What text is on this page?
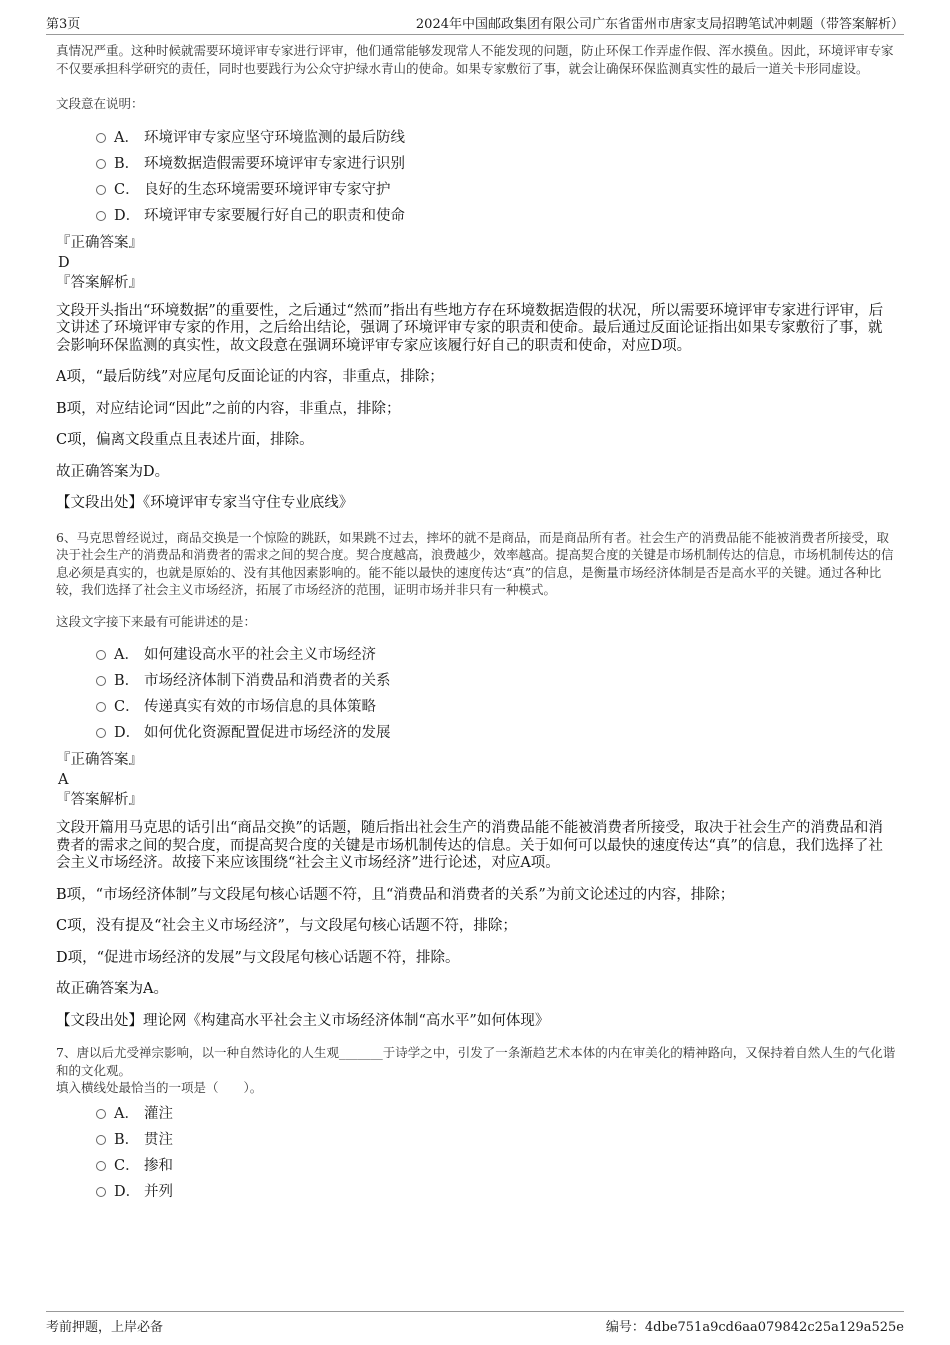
第3页	2024年中国邮政集团有限公司广东省雷州市唐家支局招聘笔试冲刺题（带答案解析）
真情况严重。这种时候就需要环境评审专家进行评审，他们通常能够发现常人不能发现的问题，防止环保工作弄虚作假、浑水摸鱼。因此，环境评审专家不仅要承担科学研究的责任，同时也要践行为公众守护绿水青山的使命。如果专家敷衍了事，就会让确保环保监测真实性的最后一道关卡形同虚设。
文段意在说明：
A． 环境评审专家应坚守环境监测的最后防线
B． 环境数据造假需要环境评审专家进行识别
C． 良好的生态环境需要环境评审专家守护
D． 环境评审专家要履行好自己的职责和使命
『正确答案』
D
『答案解析』
文段开头指出“环境数据”的重要性，之后通过“然而”指出有些地方存在环境数据造假的状况，所以需要环境评审专家进行评审，后文讲述了环境评审专家的作用，之后给出结论，强调了环境评审专家的职责和使命。最后通过反面论证指出如果专家敷衍了事，就会影响环保监测的真实性，故文段意在强调环境评审专家应该履行好自己的职责和使命，对应D项。
A项，“最后防线”对应尾句反面论证的内容，非重点，排除；
B项，对应结论词“因此”之前的内容，非重点，排除；
C项，偏离文段重点且表述片面，排除。
故正确答案为D。
【文段出处】《环境评审专家当守住专业底线》
6、马克思曾经说过，商品交换是一个惊险的跳跃，如果跳不过去，摔坏的就不是商品，而是商品所有者。社会生产的消费品能不能被消费者所接受，取决于社会生产的消费品和消费者的需求之间的契合度。契合度越高，浪费越少，效率越高。提高契合度的关键是市场机制传达的信息，市场机制传达的信息必须是真实的，也就是原始的、没有其他因素影响的。能不能以最快的速度传达“真”的信息，是衡量市场经济体制是否是高水平的关键。通过各种比较，我们选择了社会主义市场经济，拓展了市场经济的范围，证明市场并非只有一种模式。
这段文字接下来最有可能讲述的是：
A． 如何建设高水平的社会主义市场经济
B． 市场经济体制下消费品和消费者的关系
C． 传递真实有效的市场信息的具体策略
D． 如何优化资源配置促进市场经济的发展
『正确答案』
A
『答案解析』
文段开篇用马克思的话引出“商品交换”的话题，随后指出社会生产的消费品能不能被消费者所接受，取决于社会生产的消费品和消费者的需求之间的契合度，而提高契合度的关键是市场机制传达的信息。关于如何可以最快的速度传达“真”的信息，我们选择了社会主义市场经济。故接下来应该围绕“社会主义市场经济”进行论述，对应A项。
B项，“市场经济体制”与文段尾句核心话题不符，且“消费品和消费者的关系”为前文论述过的内容，排除；
C项，没有提及“社会主义市场经济”，与文段尾句核心话题不符，排除；
D项，“促进市场经济的发展”与文段尾句核心话题不符，排除。
故正确答案为A。
【文段出处】理论网《构建高水平社会主义市场经济体制“高水平”如何体现》
7、唐以后尤受禅宗影响，以一种自然诗化的人生观_______于诗学之中，引发了一条渐趋艺术本体的内在审美化的精神路向，又保持着自然人生的气化谐和的文化观。
填入横线处最恰当的一项是（　　）。
A． 灌注
B． 贯注
C． 掺和
D． 并列
考前押题，上岸必备	编号：4dbe751a9cd6aa079842c25a129a525e
